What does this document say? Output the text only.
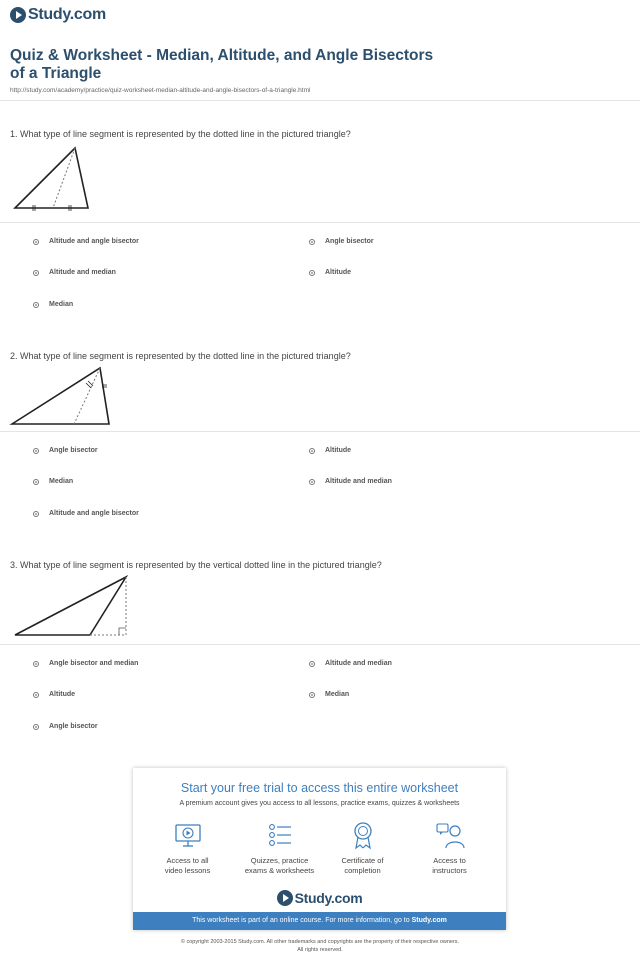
Study.com
Quiz & Worksheet - Median, Altitude, and Angle Bisectors
of a Triangle
http://study.com/academy/practice/quiz-worksheet-median-altitude-and-angle-bisectors-of-a-triangle.html
1. What type of line segment is represented by the dotted line in the pictured triangle?
Altitude and angle bisector	Angle bisector
Altitude and median	Altitude
Median
2. What type of line segment is represented by the dotted line in the pictured triangle?
Angle bisector	Altitude
Median	Altitude and median
Altitude and angle bisector
3. What type of line segment is represented by the vertical dotted line in the pictured triangle?
Angle bisector and median	Altitude and median
Altitude	Median
Angle bisector
Start your free trial to access this entire worksheet
A premium account gives you access to all lessons, practice exams, quizzes & worksheets
Access to all
video lessons
Quizzes, practice
exams & worksheets
Certificate of
completion
Access to
instructors
Study.com
This worksheet is part of an online course. For more information, go to Study.com
© copyright 2003-2015 Study.com. All other trademarks and copyrights are the property of their respective owners.
All rights reserved.
